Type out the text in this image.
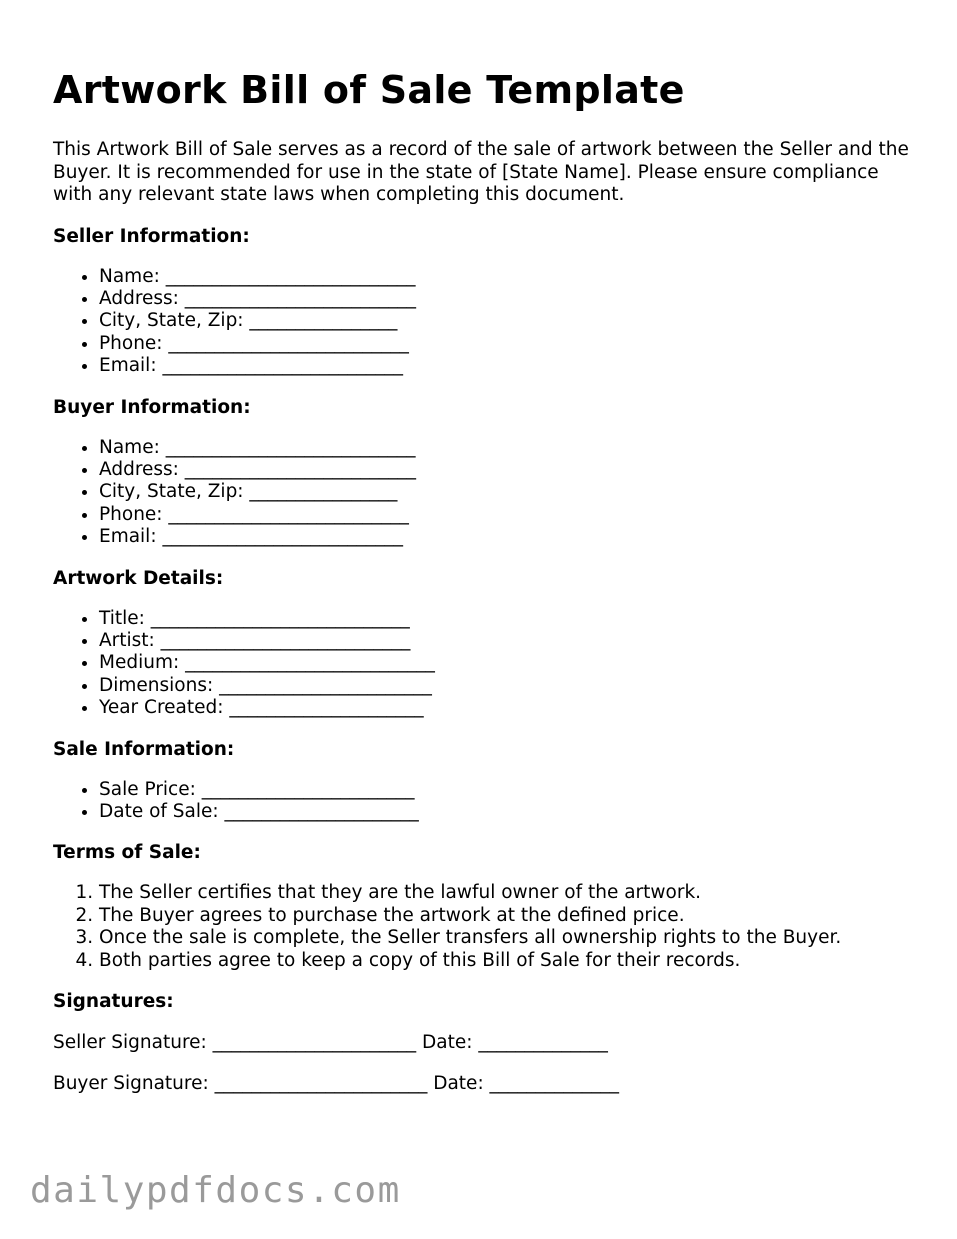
Artwork Bill of Sale Template

This Artwork Bill of Sale serves as a record of the sale of artwork between the Seller and the Buyer. It is recommended for use in the state of [State Name]. Please ensure compliance with any relevant state laws when completing this document.

Seller Information:
• Name: ___________________________
• Address: _________________________
• City, State, Zip: ________________
• Phone: __________________________
• Email: __________________________
Buyer Information:
• Name: ___________________________
• Address: _________________________
• City, State, Zip: ________________
• Phone: __________________________
• Email: __________________________
Artwork Details:
• Title: ____________________________
• Artist: ___________________________
• Medium: ___________________________
• Dimensions: _______________________
• Year Created: _____________________
Sale Information:
• Sale Price: _______________________
• Date of Sale: _____________________
Terms of Sale:
1. The Seller certifies that they are the lawful owner of the artwork.
2. The Buyer agrees to purchase the artwork at the defined price.
3. Once the sale is complete, the Seller transfers all ownership rights to the Buyer.
4. Both parties agree to keep a copy of this Bill of Sale for their records.
Signatures:

Seller Signature: ______________________ Date: ______________

Buyer Signature: _______________________ Date: ______________

dailypdfdocs.com
